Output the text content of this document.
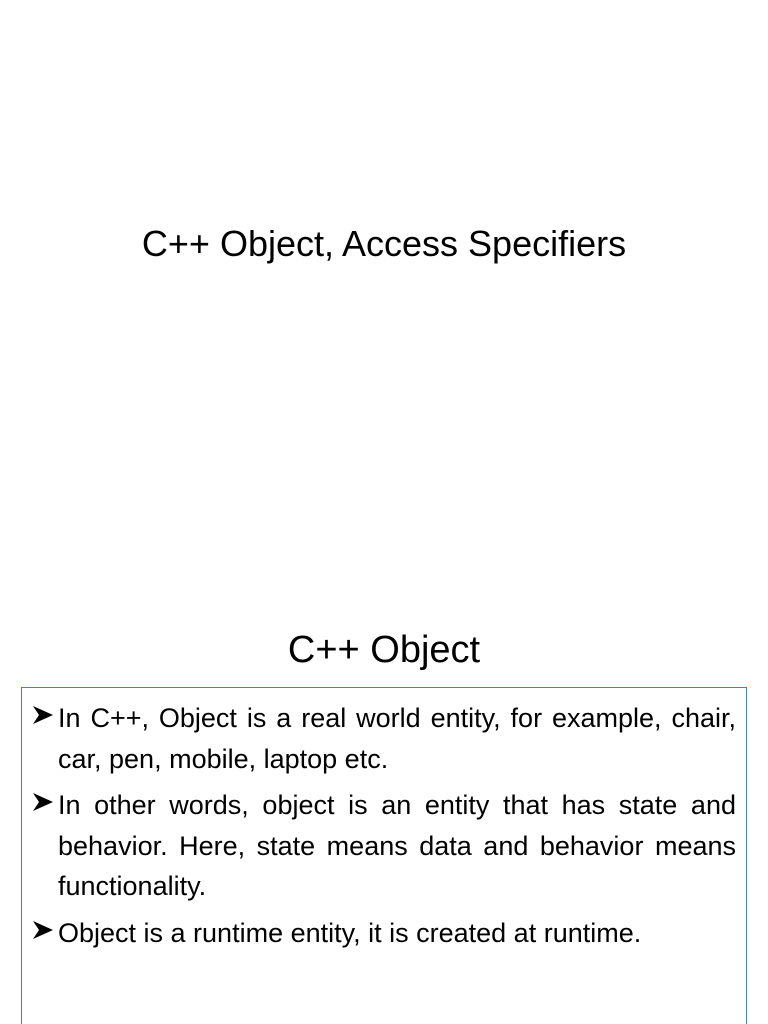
C++ Object, Access Specifiers
C++ Object
In C++, Object is a real world entity, for example, chair, car, pen, mobile, laptop etc.
In other words, object is an entity that has state and behavior. Here, state means data and behavior means functionality.
Object is a runtime entity, it is created at runtime.
